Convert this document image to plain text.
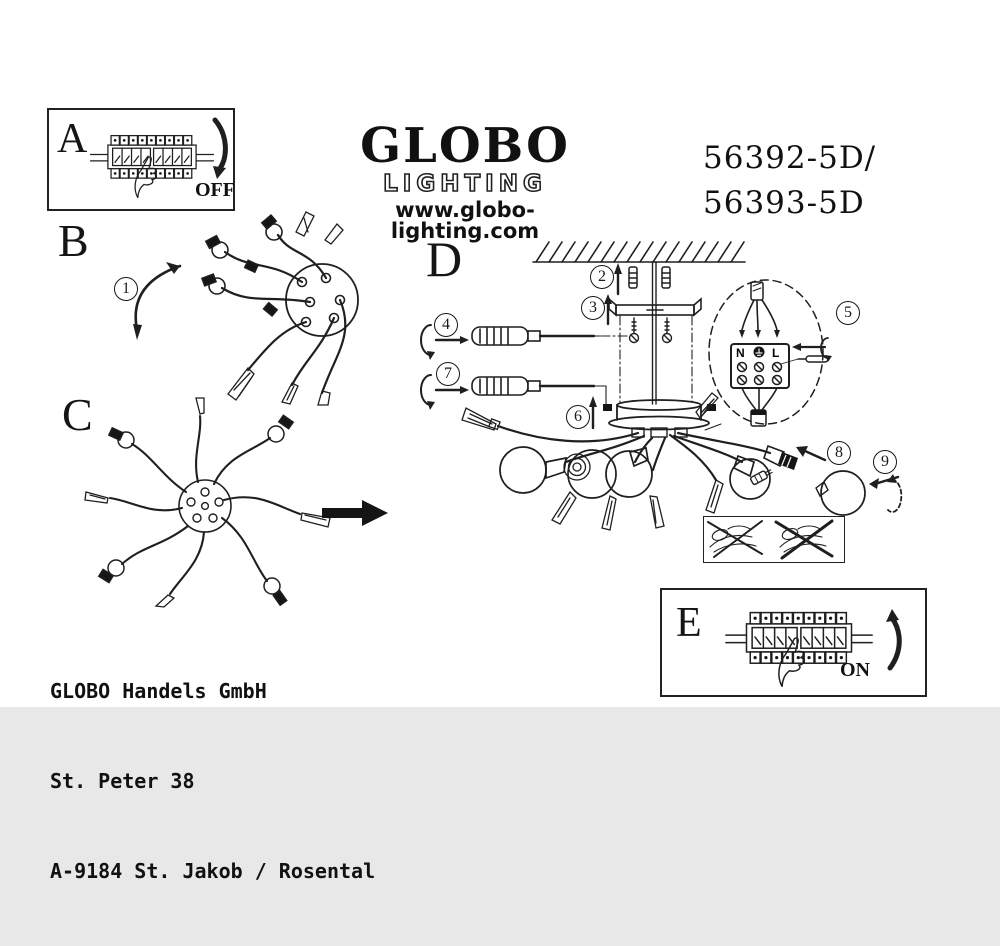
A
OFF
GLOBO
LIGHTING
www.globo-lighting.com
56392-5D/
56393-5D
B
1
C
D	2
3
4
5
6
7
8
9
N L

GLOBO Handels GmbH

St. Peter 38

A-9184 St. Jakob / Rosental

E
ON
